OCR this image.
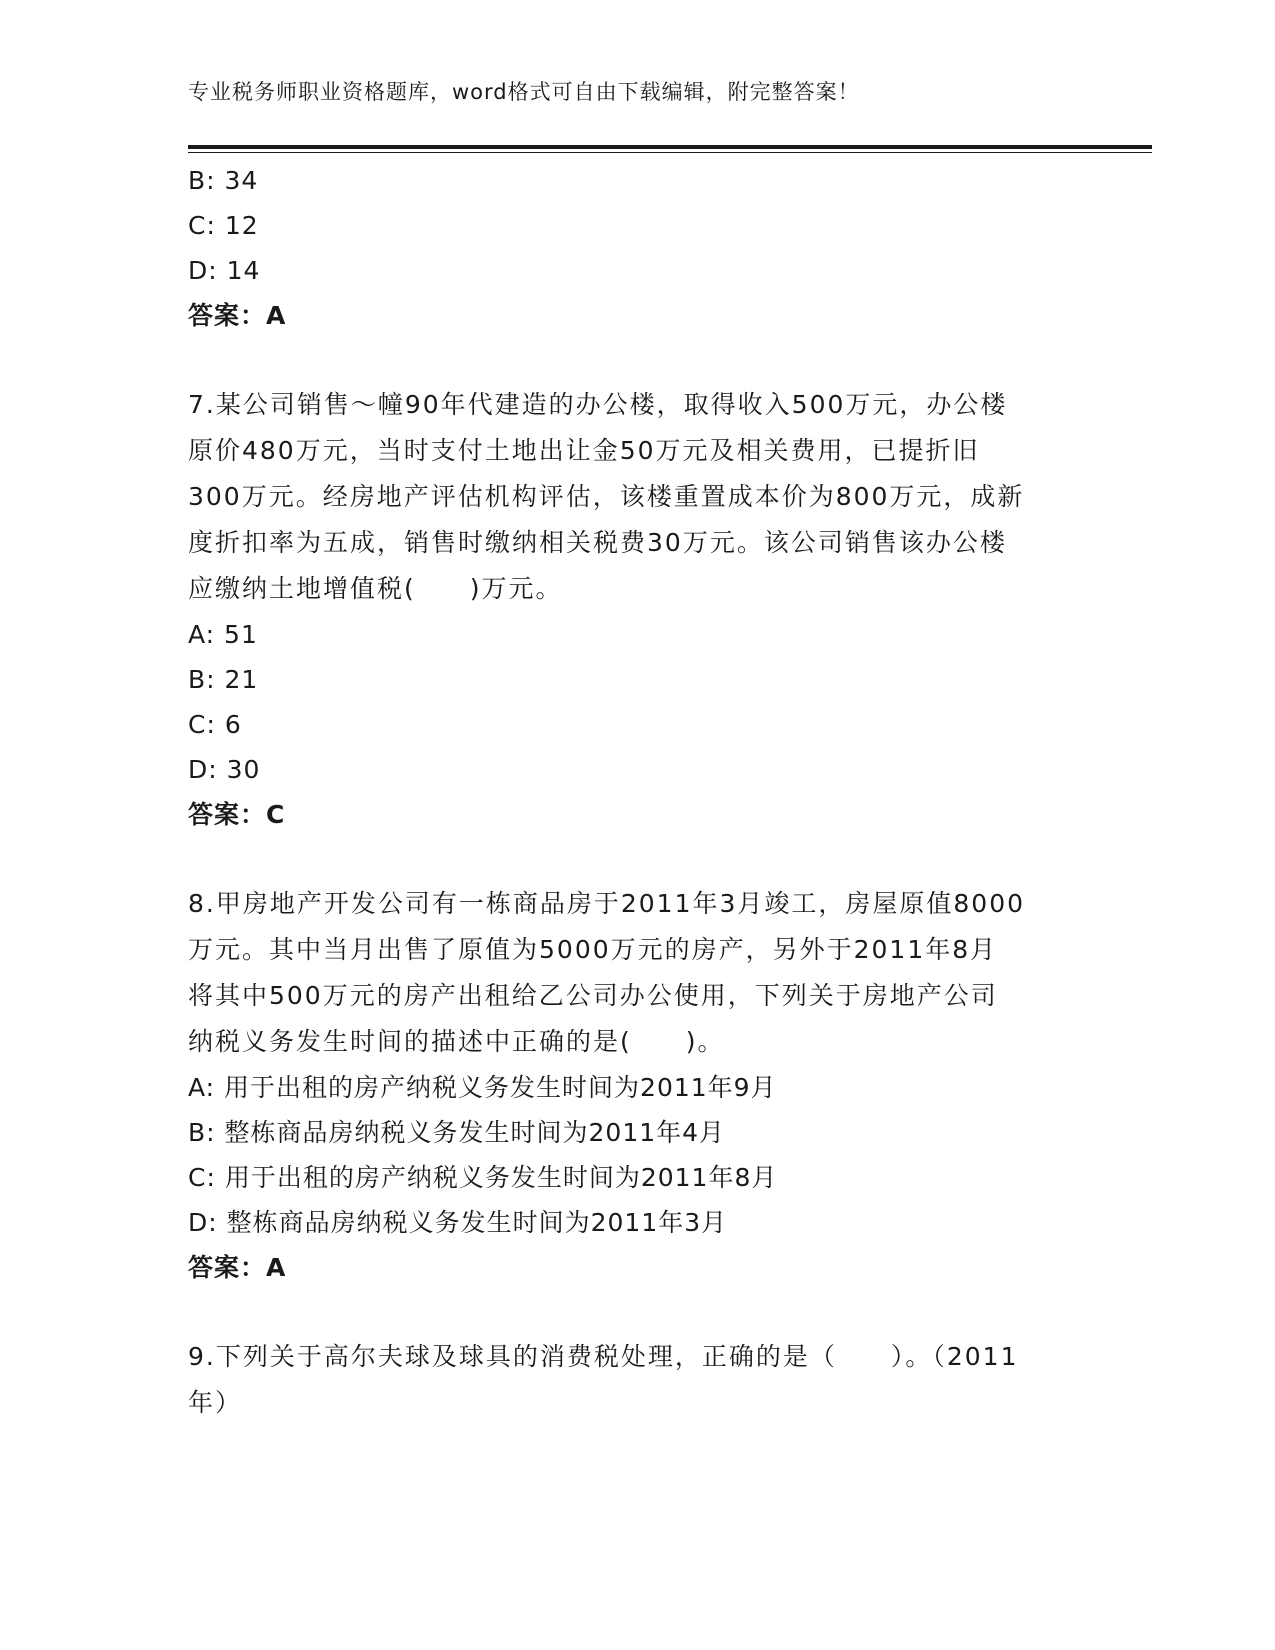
专业税务师职业资格题库，word格式可自由下载编辑，附完整答案！
B: 34
C: 12
D: 14
答案：A
7.某公司销售～幢90年代建造的办公楼，取得收入500万元，办公楼
原价480万元，当时支付土地出让金50万元及相关费用，已提折旧
300万元。经房地产评估机构评估，该楼重置成本价为800万元，成新
度折扣率为五成，销售时缴纳相关税费30万元。该公司销售该办公楼
应缴纳土地增值税(　　)万元。
A: 51
B: 21
C: 6
D: 30
答案：C
8.甲房地产开发公司有一栋商品房于2011年3月竣工，房屋原值8000
万元。其中当月出售了原值为5000万元的房产，另外于2011年8月
将其中500万元的房产出租给乙公司办公使用，下列关于房地产公司
纳税义务发生时间的描述中正确的是(　　)。
A: 用于出租的房产纳税义务发生时间为2011年9月
B: 整栋商品房纳税义务发生时间为2011年4月
C: 用于出租的房产纳税义务发生时间为2011年8月
D: 整栋商品房纳税义务发生时间为2011年3月
答案：A
9.下列关于高尔夫球及球具的消费税处理，正确的是（　　）。（2011
年）
